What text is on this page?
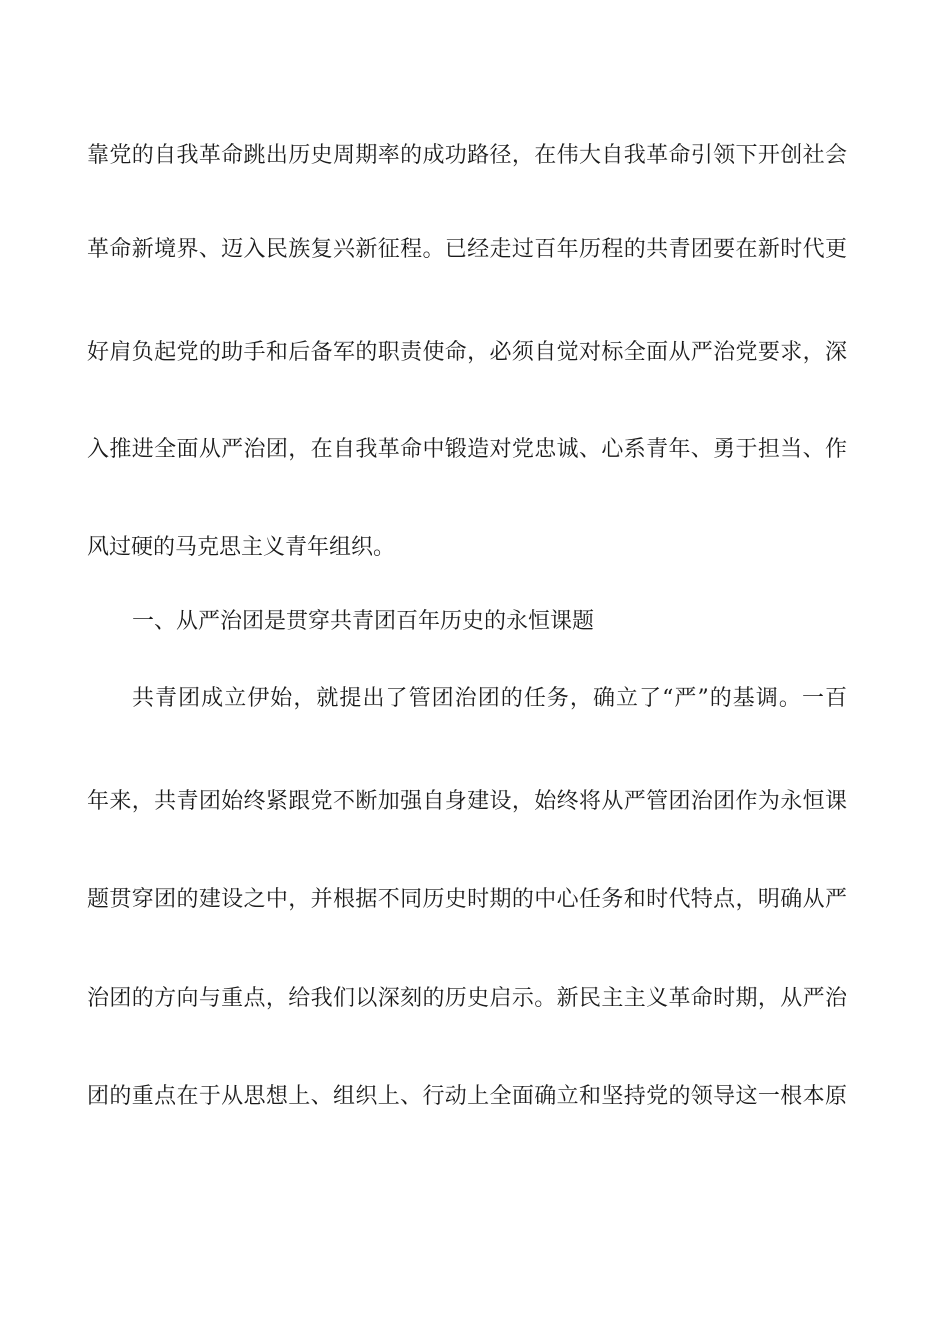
靠党的自我革命跳出历史周期率的成功路径，在伟大自我革命引领下开创社会
革命新境界、迈入民族复兴新征程。已经走过百年历程的共青团要在新时代更
好肩负起党的助手和后备军的职责使命，必须自觉对标全面从严治党要求，深
入推进全面从严治团，在自我革命中锻造对党忠诚、心系青年、勇于担当、作
风过硬的马克思主义青年组织。
一、从严治团是贯穿共青团百年历史的永恒课题
共青团成立伊始，就提出了管团治团的任务，确立了“严”的基调。一百
年来，共青团始终紧跟党不断加强自身建设，始终将从严管团治团作为永恒课
题贯穿团的建设之中，并根据不同历史时期的中心任务和时代特点，明确从严
治团的方向与重点，给我们以深刻的历史启示。新民主主义革命时期，从严治
团的重点在于从思想上、组织上、行动上全面确立和坚持党的领导这一根本原
